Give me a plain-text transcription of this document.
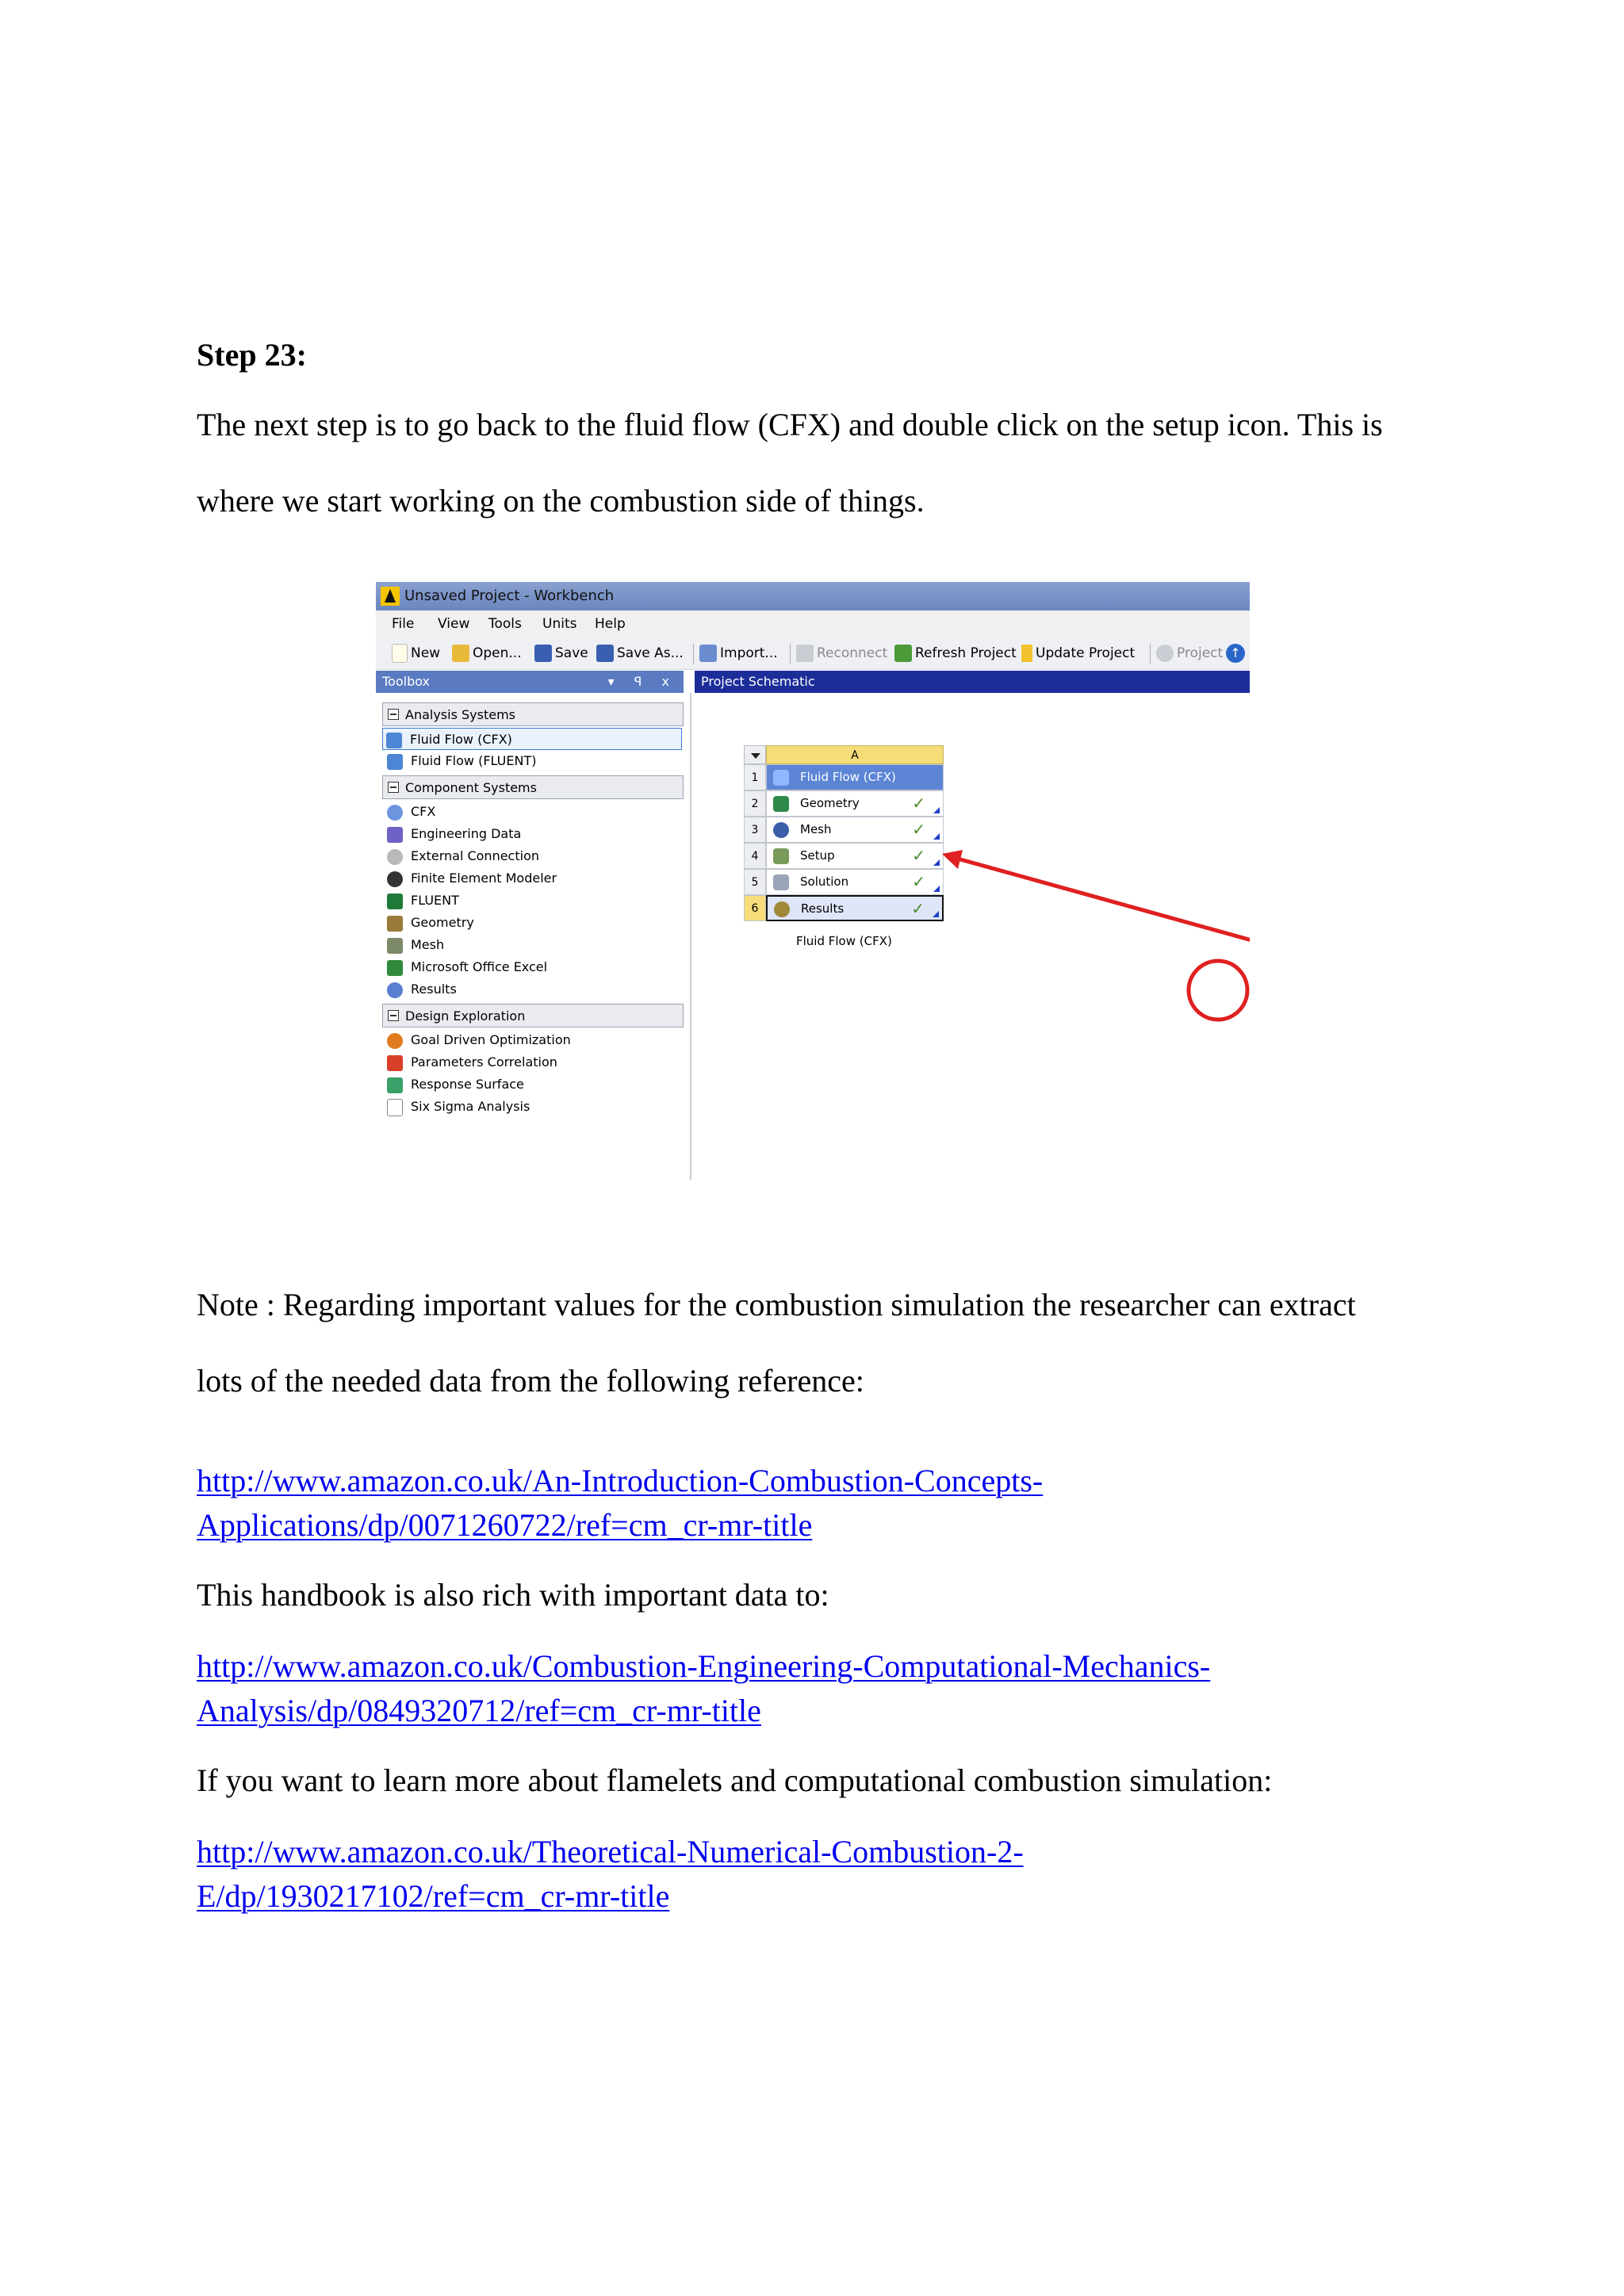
Step 23:
The next step is to go back to the fluid flow (CFX) and double click on the setup icon. This is
where we start working on the combustion side of things.
Unsaved Project - Workbench
File View Tools Units Help
New	Open...	Save	Save As...	Import...	Reconnect	Refresh Project	Update Project	Project ↑
Toolbox	▾ ꟼ x Project Schematic
Analysis Systems
Fluid Flow (CFX)
Fluid Flow (FLUENT)
Component Systems
CFX
Engineering Data
External Connection
Finite Element Modeler
FLUENT
Geometry
Mesh
Microsoft Office Excel
Results
Design Exploration
Goal Driven Optimization
Parameters Correlation
Response Surface
Six Sigma Analysis
A
1	Fluid Flow (CFX)
2	Geometry	✓
3	Mesh	✓
4	Setup	✓
5	Solution	✓
6	Results	✓
Fluid Flow (CFX)
Note : Regarding important values for the combustion simulation the researcher can extract
lots of the needed data from the following reference:
http://www.amazon.co.uk/An-Introduction-Combustion-Concepts-
Applications/dp/0071260722/ref=cm_cr-mr-title
This handbook is also rich with important data to:
http://www.amazon.co.uk/Combustion-Engineering-Computational-Mechanics-
Analysis/dp/0849320712/ref=cm_cr-mr-title
If you want to learn more about flamelets and computational combustion simulation:
http://www.amazon.co.uk/Theoretical-Numerical-Combustion-2-
E/dp/1930217102/ref=cm_cr-mr-title
